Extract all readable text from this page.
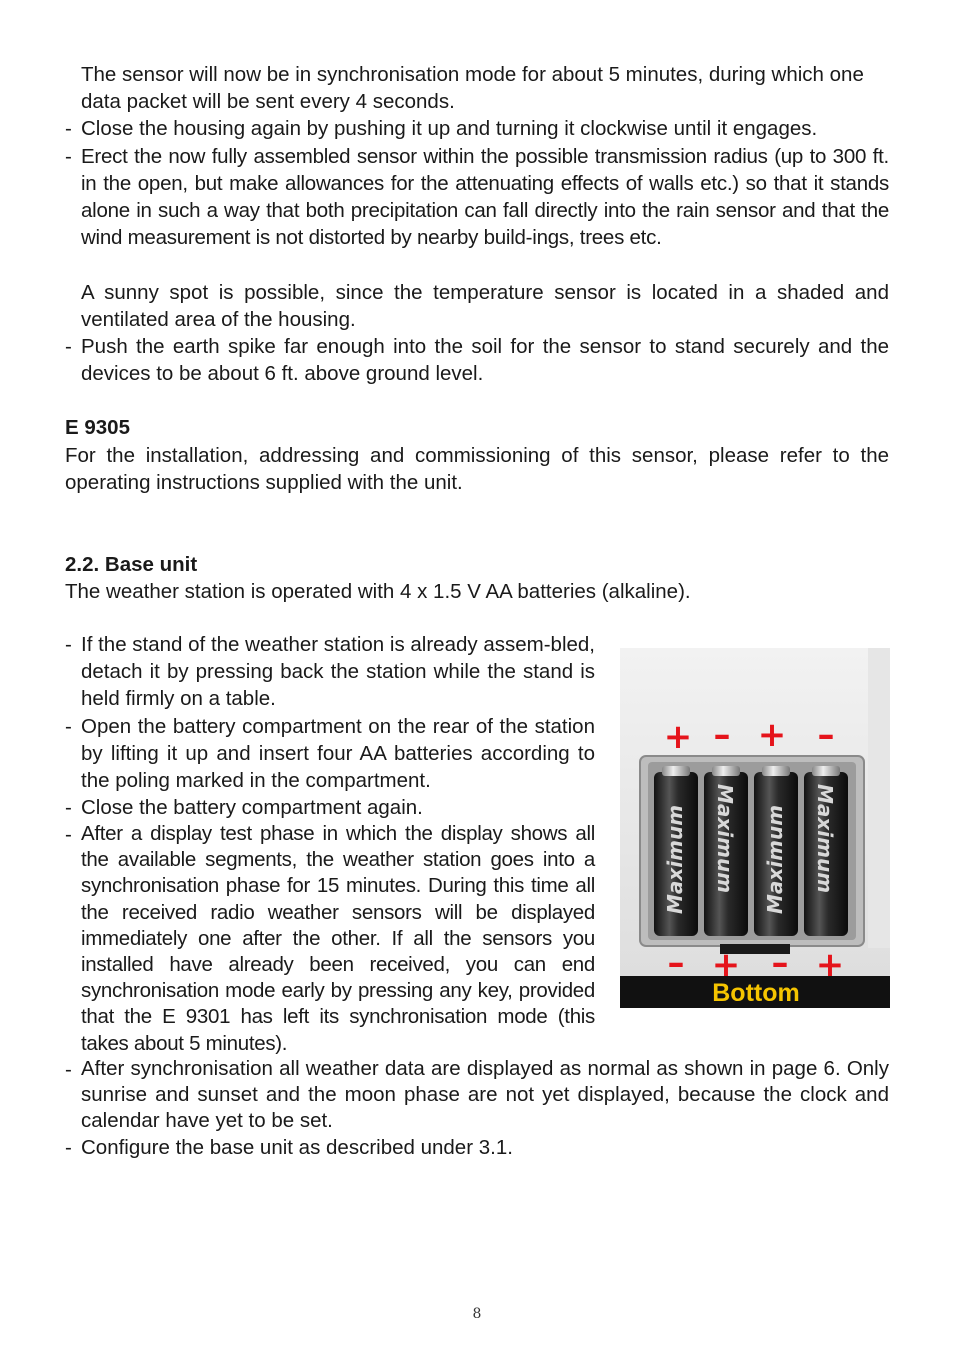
The sensor will now be in synchronisation mode for about 5 minutes, during which one data packet will be sent every 4 seconds.
- Close the housing again by pushing it up and turning it clockwise until it engages.
- Erect the now fully assembled sensor within the possible transmission radius (up to 300 ft. in the open, but make allowances for the attenuating effects of walls etc.) so that it stands alone in such a way that both precipitation can fall directly into the rain sensor and that the wind measurement is not distorted by nearby build-ings, trees etc.
A sunny spot is possible, since the temperature sensor is located in a shaded and ventilated area of the housing.
- Push the earth spike far enough into the soil for the sensor to stand securely and the devices to be about 6 ft. above ground level.
E 9305
For the installation, addressing and commissioning of this sensor, please refer to the operating instructions supplied with the unit.
2.2. Base unit
The weather station is operated with 4 x 1.5 V AA batteries (alkaline).
- If the stand of the weather station is already assem-bled, detach it by pressing back the station while the stand is held firmly on a table.
- Open the battery compartment on the rear of the station by lifting it up and insert four AA batteries according to the poling marked in the compartment.
- Close the battery compartment again.
- After a display test phase in which the display shows all the available segments, the weather station goes into a synchronisation phase for 15 minutes. During this time all the received radio weather sensors will be displayed immediately one after the other. If all the sensors you installed have already been received, you can end synchronisation mode early by pressing any key, provided that the E 9301 has left its synchronisation mode (this takes about 5 minutes).
- After synchronisation all weather data are displayed as normal as shown in page 6. Only sunrise and sunset and the moon phase are not yet displayed, because the clock and calendar have yet to be set.
- Configure the base unit as described under 3.1.
Maximum Maximum Maximum Maximum
+ – + –
– + – +
Bottom
8
